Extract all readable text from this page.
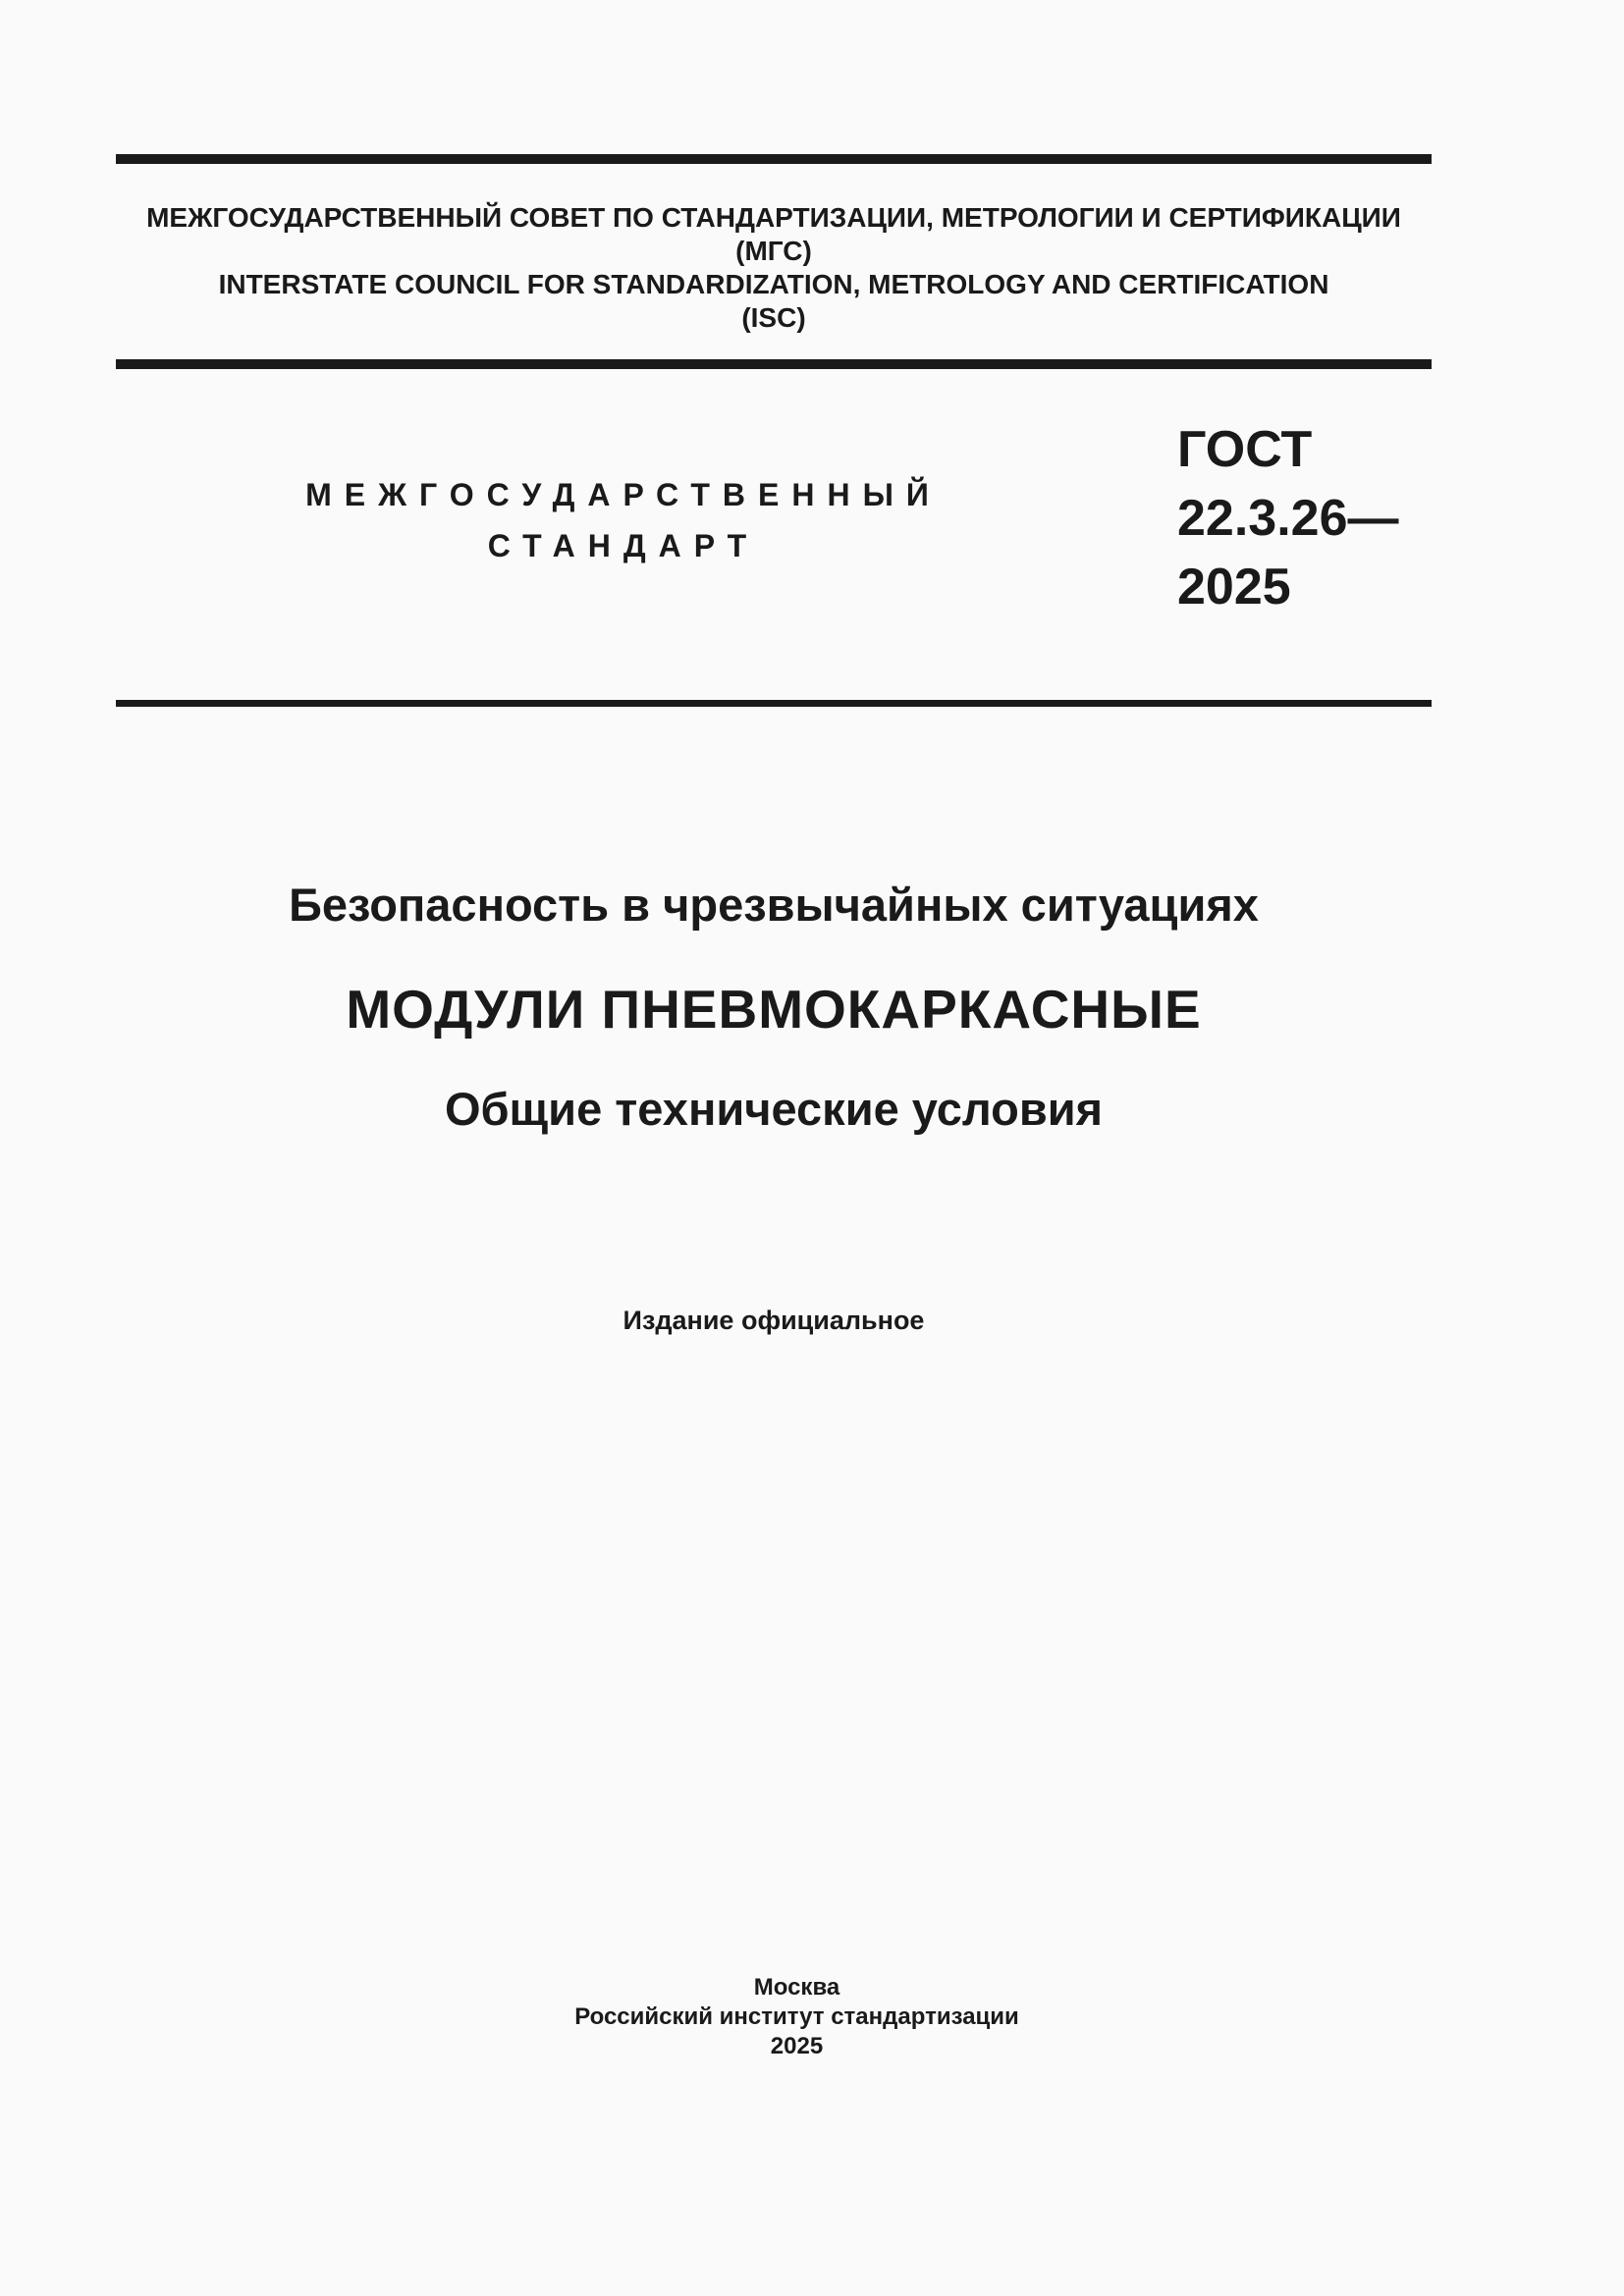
МЕЖГОСУДАРСТВЕННЫЙ СОВЕТ ПО СТАНДАРТИЗАЦИИ, МЕТРОЛОГИИ И СЕРТИФИКАЦИИ
(МГС)
INTERSTATE COUNCIL FOR STANDARDIZATION, METROLOGY AND CERTIFICATION
(ISC)
МЕЖГОСУДАРСТВЕННЫЙ
СТАНДАРТ
ГОСТ
22.3.26—
2025
Безопасность в чрезвычайных ситуациях
МОДУЛИ ПНЕВМОКАРКАСНЫЕ
Общие технические условия
Издание официальное
Москва
Российский институт стандартизации
2025
